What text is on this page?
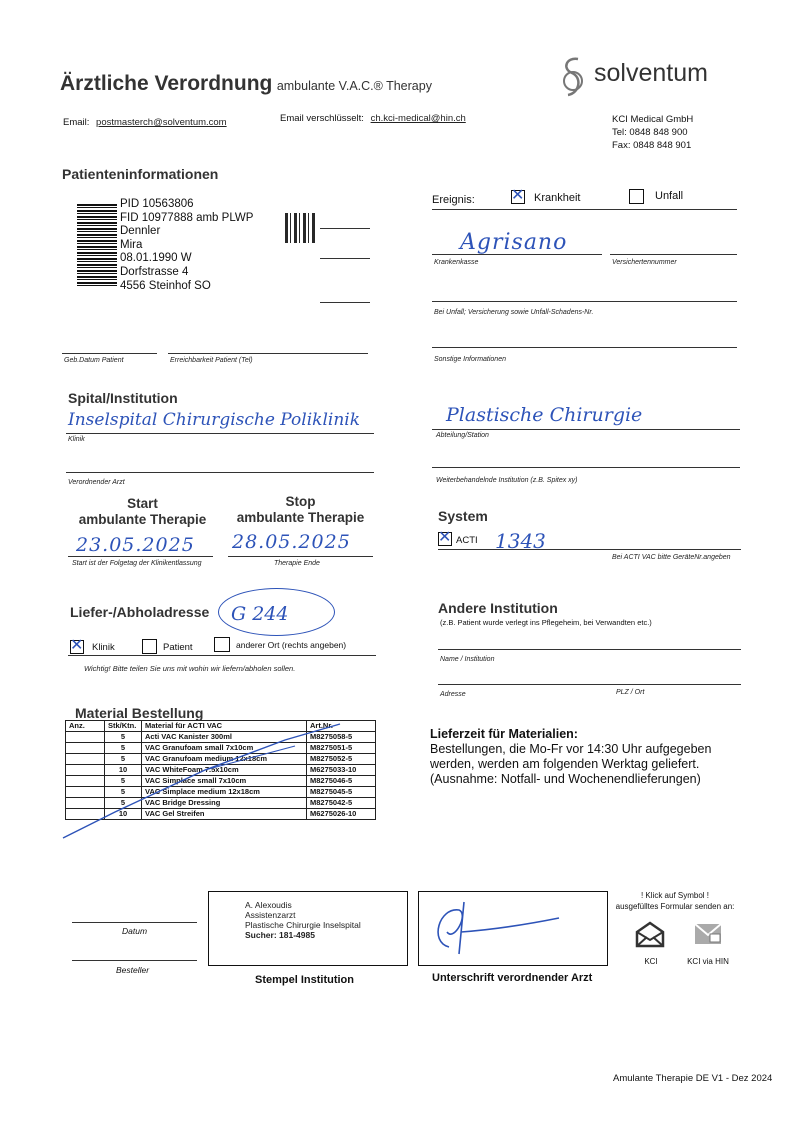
Ärztliche Verordnung ambulante V.A.C.® Therapy	solventum
Email: postmasterch@solventum.com	Email verschlüsselt: ch.kci-medical@hin.ch	KCI Medical GmbH
Tel: 0848 848 900
Fax: 0848 848 901
Patienteninformationen
PID 10563806
FID 10977888 amb PLWP
Dennler
Mira
08.01.1990 W
Dorfstrasse 4
4556 Steinhof SO
Geb.Datum Patient	Erreichbarkeit Patient (Tel)
Ereignis: ✕	Krankheit	Unfall
Agrisano
Krankenkasse	Versichertennummer
Bei Unfall; Versicherung sowie Unfall-Schadens-Nr.
Sonstige Informationen
Spital/Institution
Inselspital Chirurgische Poliklinik
Klinik
Plastische Chirurgie
Abteilung/Station
Verordnender Arzt	Weiterbehandelnde Institution (z.B. Spitex xy)
Start
ambulante Therapie
Stop
ambulante Therapie
23.05.2025 28.05.2025
Start ist der Folgetag der Klinikentlassung	Therapie Ende
System
✕
ACTI 1343
Bei ACTI VAC bitte GeräteNr.angeben
Liefer-/Abholadresse G 244
✕
Klinik	Patient	anderer Ort (rechts angeben)
Wichtig! Bitte teilen Sie uns mit wohin wir liefern/abholen sollen.
Andere Institution
(z.B. Patient wurde verlegt ins Pflegeheim, bei Verwandten etc.)
Name / Institution
Adresse	PLZ / Ort
Material Bestellung
Anz.	Stk/Ktn.	Material für ACTI VAC	Art.Nr.
	5	Acti VAC Kanister 300ml	M8275058-5
	5	VAC Granufoam small 7x10cm	M8275051-5
	5	VAC Granufoam medium 12x18cm	M8275052-5
	10	VAC WhiteFoam 7.5x10cm	M6275033-10
	5	VAC Simplace small 7x10cm	M8275046-5
	5	VAC Simplace medium 12x18cm	M8275045-5
	5	VAC Bridge Dressing	M8275042-5
	10	VAC Gel Streifen	M6275026-10
Lieferzeit für Materialien:
Bestellungen, die Mo-Fr vor 14:30 Uhr aufgegeben
werden, werden am folgenden Werktag geliefert.
(Ausnahme: Notfall- und Wochenendlieferungen)
Datum
Besteller
A. Alexoudis
Assistenzarzt
Plastische Chirurgie Inselspital
Sucher: 181-4985
Stempel Institution	Unterschrift verordnender Arzt
! Klick auf Symbol !
ausgefülltes Formular senden an:
KCI	KCI via HIN
Amulante Therapie DE V1 - Dez 2024
